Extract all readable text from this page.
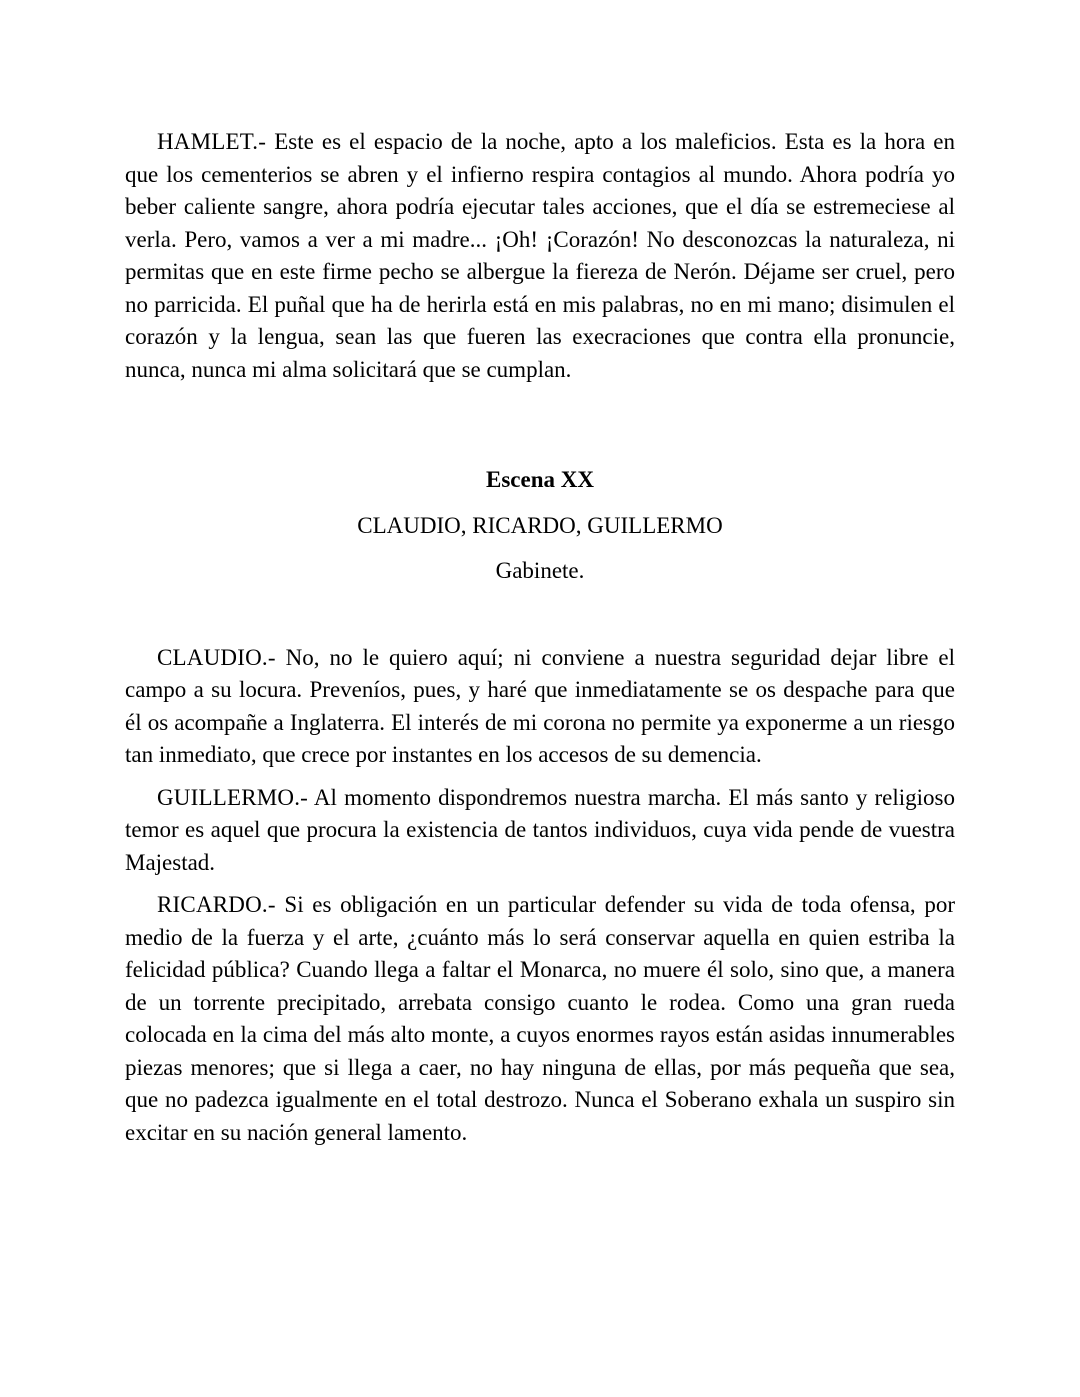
HAMLET.- Este es el espacio de la noche, apto a los maleficios. Esta es la hora en que los cementerios se abren y el infierno respira contagios al mundo. Ahora podría yo beber caliente sangre, ahora podría ejecutar tales acciones, que el día se estremeciese al verla. Pero, vamos a ver a mi madre... ¡Oh! ¡Corazón! No desconozcas la naturaleza, ni permitas que en este firme pecho se albergue la fiereza de Nerón. Déjame ser cruel, pero no parricida. El puñal que ha de herirla está en mis palabras, no en mi mano; disimulen el corazón y la lengua, sean las que fueren las execraciones que contra ella pronuncie, nunca, nunca mi alma solicitará que se cumplan.

Escena XX

CLAUDIO, RICARDO, GUILLERMO

Gabinete.

CLAUDIO.- No, no le quiero aquí; ni conviene a nuestra seguridad dejar libre el campo a su locura. Preveníos, pues, y haré que inmediatamente se os despache para que él os acompañe a Inglaterra. El interés de mi corona no permite ya exponerme a un riesgo tan inmediato, que crece por instantes en los accesos de su demencia.

GUILLERMO.- Al momento dispondremos nuestra marcha. El más santo y religioso temor es aquel que procura la existencia de tantos individuos, cuya vida pende de vuestra Majestad.

RICARDO.- Si es obligación en un particular defender su vida de toda ofensa, por medio de la fuerza y el arte, ¿cuánto más lo será conservar aquella en quien estriba la felicidad pública? Cuando llega a faltar el Monarca, no muere él solo, sino que, a manera de un torrente precipitado, arrebata consigo cuanto le rodea. Como una gran rueda colocada en la cima del más alto monte, a cuyos enormes rayos están asidas innumerables piezas menores; que si llega a caer, no hay ninguna de ellas, por más pequeña que sea, que no padezca igualmente en el total destrozo. Nunca el Soberano exhala un suspiro sin excitar en su nación general lamento.
